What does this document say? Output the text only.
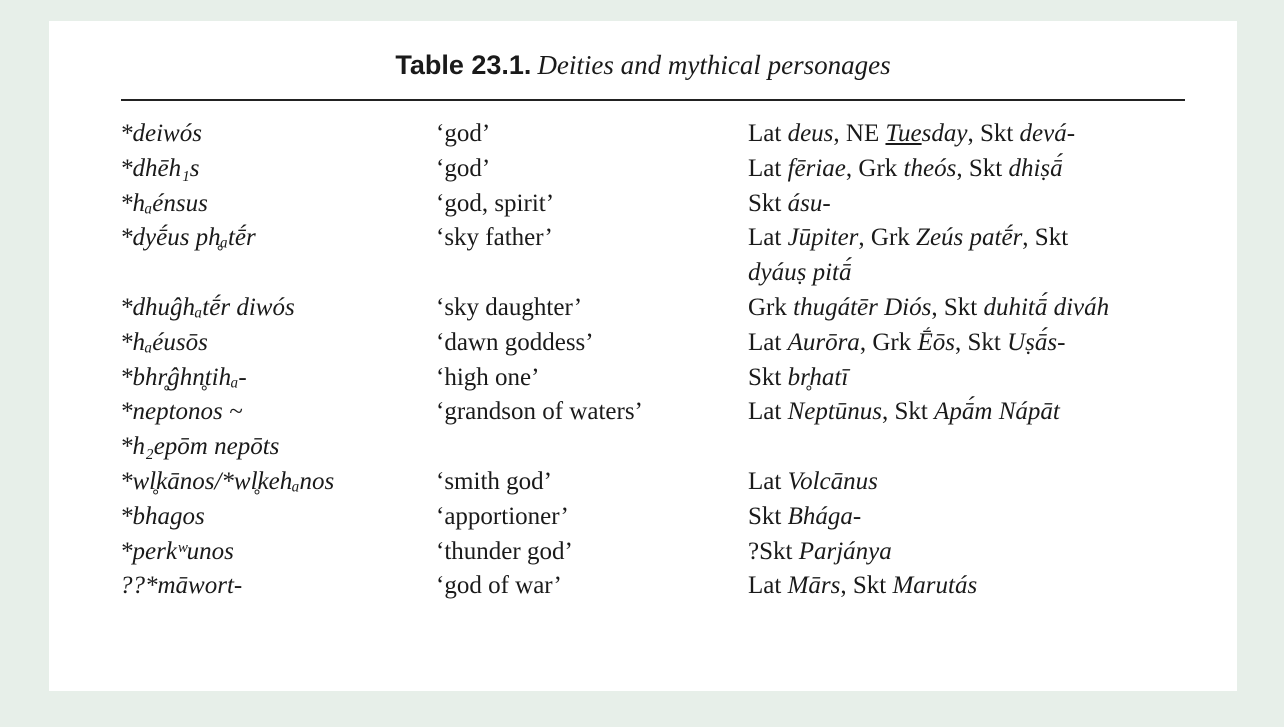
Table 23.1. Deities and mythical personages
*deiwós	‘god’	Lat deus, NE Tuesday, Skt devá-
*dhēh₁s	‘god’	Lat fēriae, Grk theós, Skt dhiṣā́
*hₐénsus	‘god, spirit’	Skt ásu-
*dyḗus ph̥ₐtḗr	‘sky father’	Lat Jūpiter, Grk Zeús patḗr, Skt
		dyáuṣ pitā́
*dhuĝhₐtḗr diwós	‘sky daughter’	Grk thugátēr Diós, Skt duhitā́ diváh
*hₐéusōs	‘dawn goddess’	Lat Aurōra, Grk Ḗōs, Skt Uṣā́s-
*bhr̥ĝhn̥tihₐ-	‘high one’	Skt br̥hatī
*neptonos ~	‘grandson of waters’	Lat Neptūnus, Skt Apā́m Nápāt
*h₂epōm nepōts		
*wl̥kānos/*wl̥kehₐnos	‘smith god’	Lat Volcānus
*bhagos	‘apportioner’	Skt Bhága-
*perkʷunos	‘thunder god’	?Skt Parjánya
??*māwort-	‘god of war’	Lat Mārs, Skt Marutás
